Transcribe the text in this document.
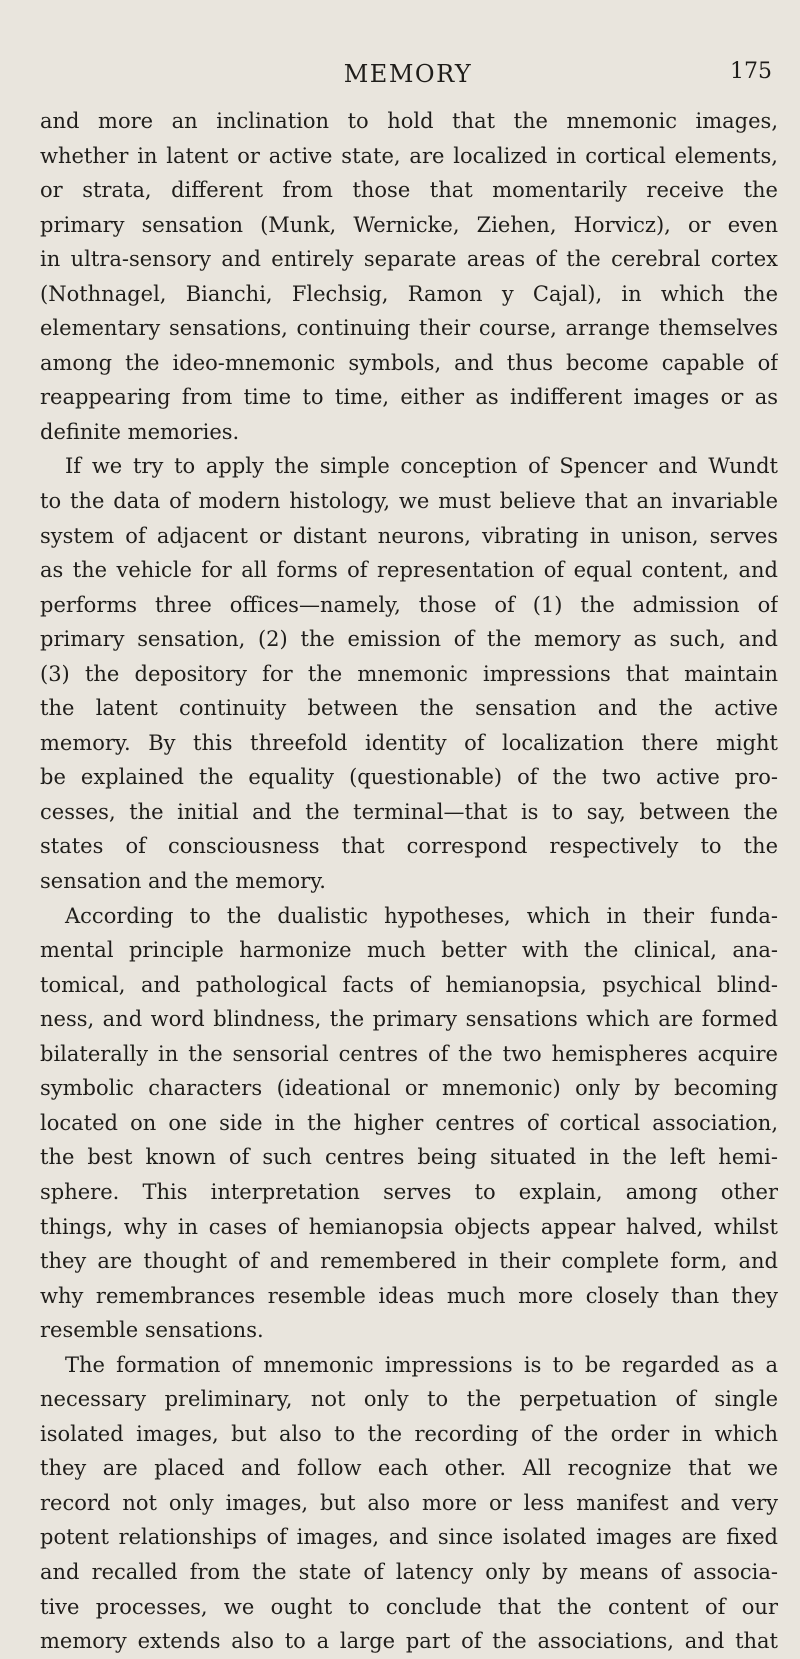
MEMORY	175
and more an inclination to hold that the mnemonic images,
whether in latent or active state, are localized in cortical elements,
or strata, different from those that momentarily receive the
primary sensation (Munk, Wernicke, Ziehen, Horvicz), or even
in ultra-sensory and entirely separate areas of the cerebral cortex
(Nothnagel, Bianchi, Flechsig, Ramon y Cajal), in which the
elementary sensations, continuing their course, arrange themselves
among the ideo-mnemonic symbols, and thus become capable of
reappearing from time to time, either as indifferent images or as
definite memories.
If we try to apply the simple conception of Spencer and Wundt
to the data of modern histology, we must believe that an invariable
system of adjacent or distant neurons, vibrating in unison, serves
as the vehicle for all forms of representation of equal content, and
performs three offices—namely, those of (1) the admission of
primary sensation, (2) the emission of the memory as such, and
(3) the depository for the mnemonic impressions that maintain
the latent continuity between the sensation and the active
memory. By this threefold identity of localization there might
be explained the equality (questionable) of the two active pro-
cesses, the initial and the terminal—that is to say, between the
states of consciousness that correspond respectively to the
sensation and the memory.
According to the dualistic hypotheses, which in their funda-
mental principle harmonize much better with the clinical, ana-
tomical, and pathological facts of hemianopsia, psychical blind-
ness, and word blindness, the primary sensations which are formed
bilaterally in the sensorial centres of the two hemispheres acquire
symbolic characters (ideational or mnemonic) only by becoming
located on one side in the higher centres of cortical association,
the best known of such centres being situated in the left hemi-
sphere. This interpretation serves to explain, among other
things, why in cases of hemianopsia objects appear halved, whilst
they are thought of and remembered in their complete form, and
why remembrances resemble ideas much more closely than they
resemble sensations.
The formation of mnemonic impressions is to be regarded as a
necessary preliminary, not only to the perpetuation of single
isolated images, but also to the recording of the order in which
they are placed and follow each other. All recognize that we
record not only images, but also more or less manifest and very
potent relationships of images, and since isolated images are fixed
and recalled from the state of latency only by means of associa-
tive processes, we ought to conclude that the content of our
memory extends also to a large part of the associations, and that
